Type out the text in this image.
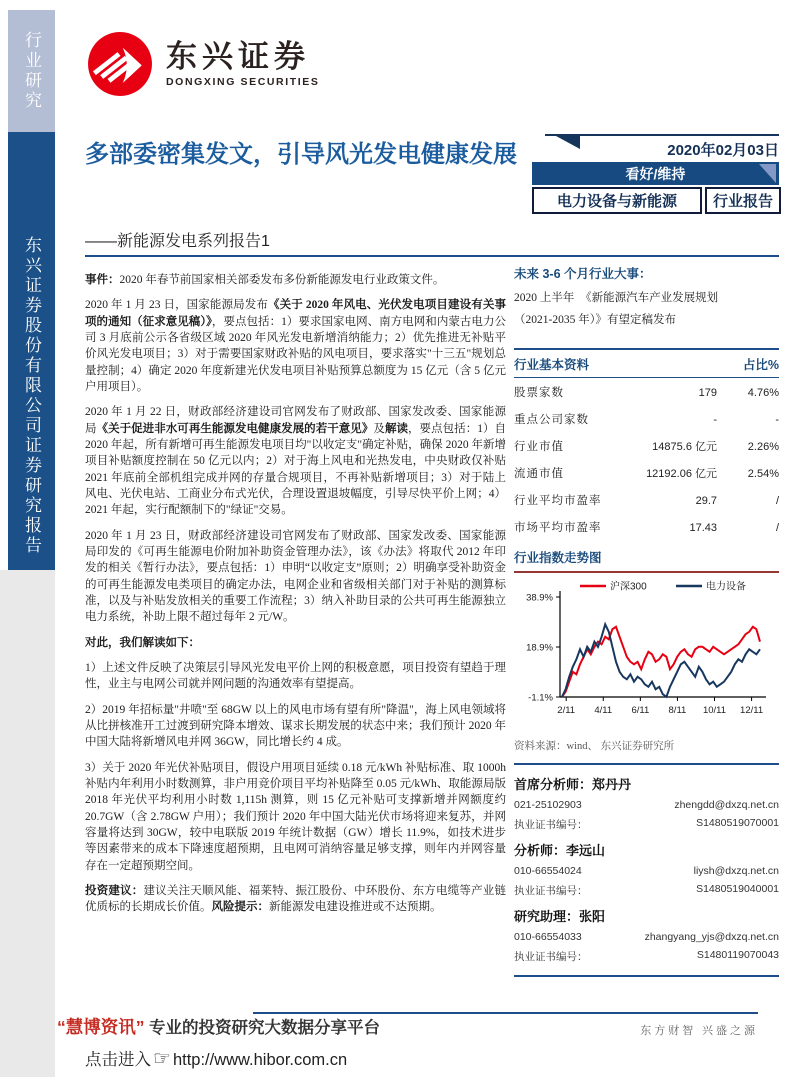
行业研究
东兴证券股份有限公司证券研究报告
东兴证券
DONGXING SECURITIES
2020年02月03日
看好/维持
电力设备与新能源	行业报告
多部委密集发文，引导风光发电健康发展
——新能源发电系列报告1

事件：2020 年春节前国家相关部委发布多份新能源发电行业政策文件。

2020 年 1 月 23 日，国家能源局发布《关于 2020 年风电、光伏发电项目建设有关事项的通知（征求意见稿）》，要点包括：1）要求国家电网、南方电网和内蒙古电力公司 3 月底前公示各省级区域 2020 年风光发电新增消纳能力；2）优先推进无补贴平价风光发电项目；3）对于需要国家财政补贴的风电项目，要求落实"十三五"规划总量控制；4）确定 2020 年度新建光伏发电项目补贴预算总额度为 15 亿元（含 5 亿元户用项目）。

2020 年 1 月 22 日，财政部经济建设司官网发布了财政部、国家发改委、国家能源局《关于促进非水可再生能源发电健康发展的若干意见》及解读，要点包括：1）自 2020 年起，所有新增可再生能源发电项目均"以收定支"确定补贴，确保 2020 年新增项目补贴额度控制在 50 亿元以内；2）对于海上风电和光热发电，中央财政仅补贴 2021 年底前全部机组完成并网的存量合规项目，不再补贴新增项目；3）对于陆上风电、光伏电站、工商业分布式光伏，合理设置退坡幅度，引导尽快平价上网；4）2021 年起，实行配额制下的"绿证"交易。

2020 年 1 月 23 日，财政部经济建设司官网发布了财政部、国家发改委、国家能源局印发的《可再生能源电价附加补助资金管理办法》，该《办法》将取代 2012 年印发的相关《暂行办法》，要点包括：1）申明“以收定支”原则；2）明确享受补助资金的可再生能源发电类项目的确定办法，电网企业和省级相关部门对于补贴的测算标准，以及与补贴发放相关的重要工作流程；3）纳入补助目录的公共可再生能源独立电力系统，补助上限不超过每年 2 元/W。

对此，我们解读如下：

1）上述文件反映了决策层引导风光发电平价上网的积极意愿，项目投资有望趋于理性，业主与电网公司就并网问题的沟通效率有望提高。

2）2019 年招标量"井喷"至 68GW 以上的风电市场有望有所"降温"，海上风电领域将从比拼核准开工过渡到研究降本增效、谋求长期发展的状态中来；我们预计 2020 年中国大陆将新增风电并网 36GW，同比增长约 4 成。

3）关于 2020 年光伏补贴项目，假设户用项目延续 0.18 元/kWh 补贴标准、取 1000h 补贴内年利用小时数测算，非户用竞价项目平均补贴降至 0.05 元/kWh、取能源局版 2018 年光伏平均利用小时数 1,115h 测算，则 15 亿元补贴可支撑新增并网额度约 20.7GW（含 2.78GW 户用）；我们预计 2020 年中国大陆光伏市场将迎来复苏，并网容量将达到 30GW，较中电联版 2019 年统计数据（GW）增长 11.9%，如技术进步等因素带来的成本下降速度超预期，且电网可消纳容量足够支撑，则年内并网容量存在一定超预期空间。

投资建议：建议关注天顺风能、福莱特、振江股份、中环股份、东方电缆等产业链优质标的长期成长价值。风险提示：新能源发电建设推进或不达预期。

未来 3-6 个月行业大事：
2020 上半年　《新能源汽车产业发展规划
（2021-2035 年）》有望定稿发布
行业基本资料	占比%
股票家数	179	4.76%
重点公司家数	-	-
行业市值	14875.6 亿元	2.26%
流通市值	12192.06 亿元	2.54%
行业平均市盈率	29.7	/
市场平均市盈率	17.43	/
行业指数走势图
38.9%
18.9%
-1.1%
2/11 4/11 6/11 8/11 10/11 12/11
沪深300	电力设备
资料来源：wind、 东兴证券研究所
首席分析师：郑丹丹
021-25102903	zhengdd@dxzq.net.cn
执业证书编号：	S1480519070001
分析师：李远山
010-66554024	liysh@dxzq.net.cn
执业证书编号：	S1480519040001
研究助理：张阳
010-66554033	zhangyang_yjs@dxzq.net.cn
执业证书编号：	S1480119070043
“慧博资讯” 专业的投资研究大数据分享平台
点击进入 ☞ http://www.hibor.com.cn
东方财智 兴盛之源
